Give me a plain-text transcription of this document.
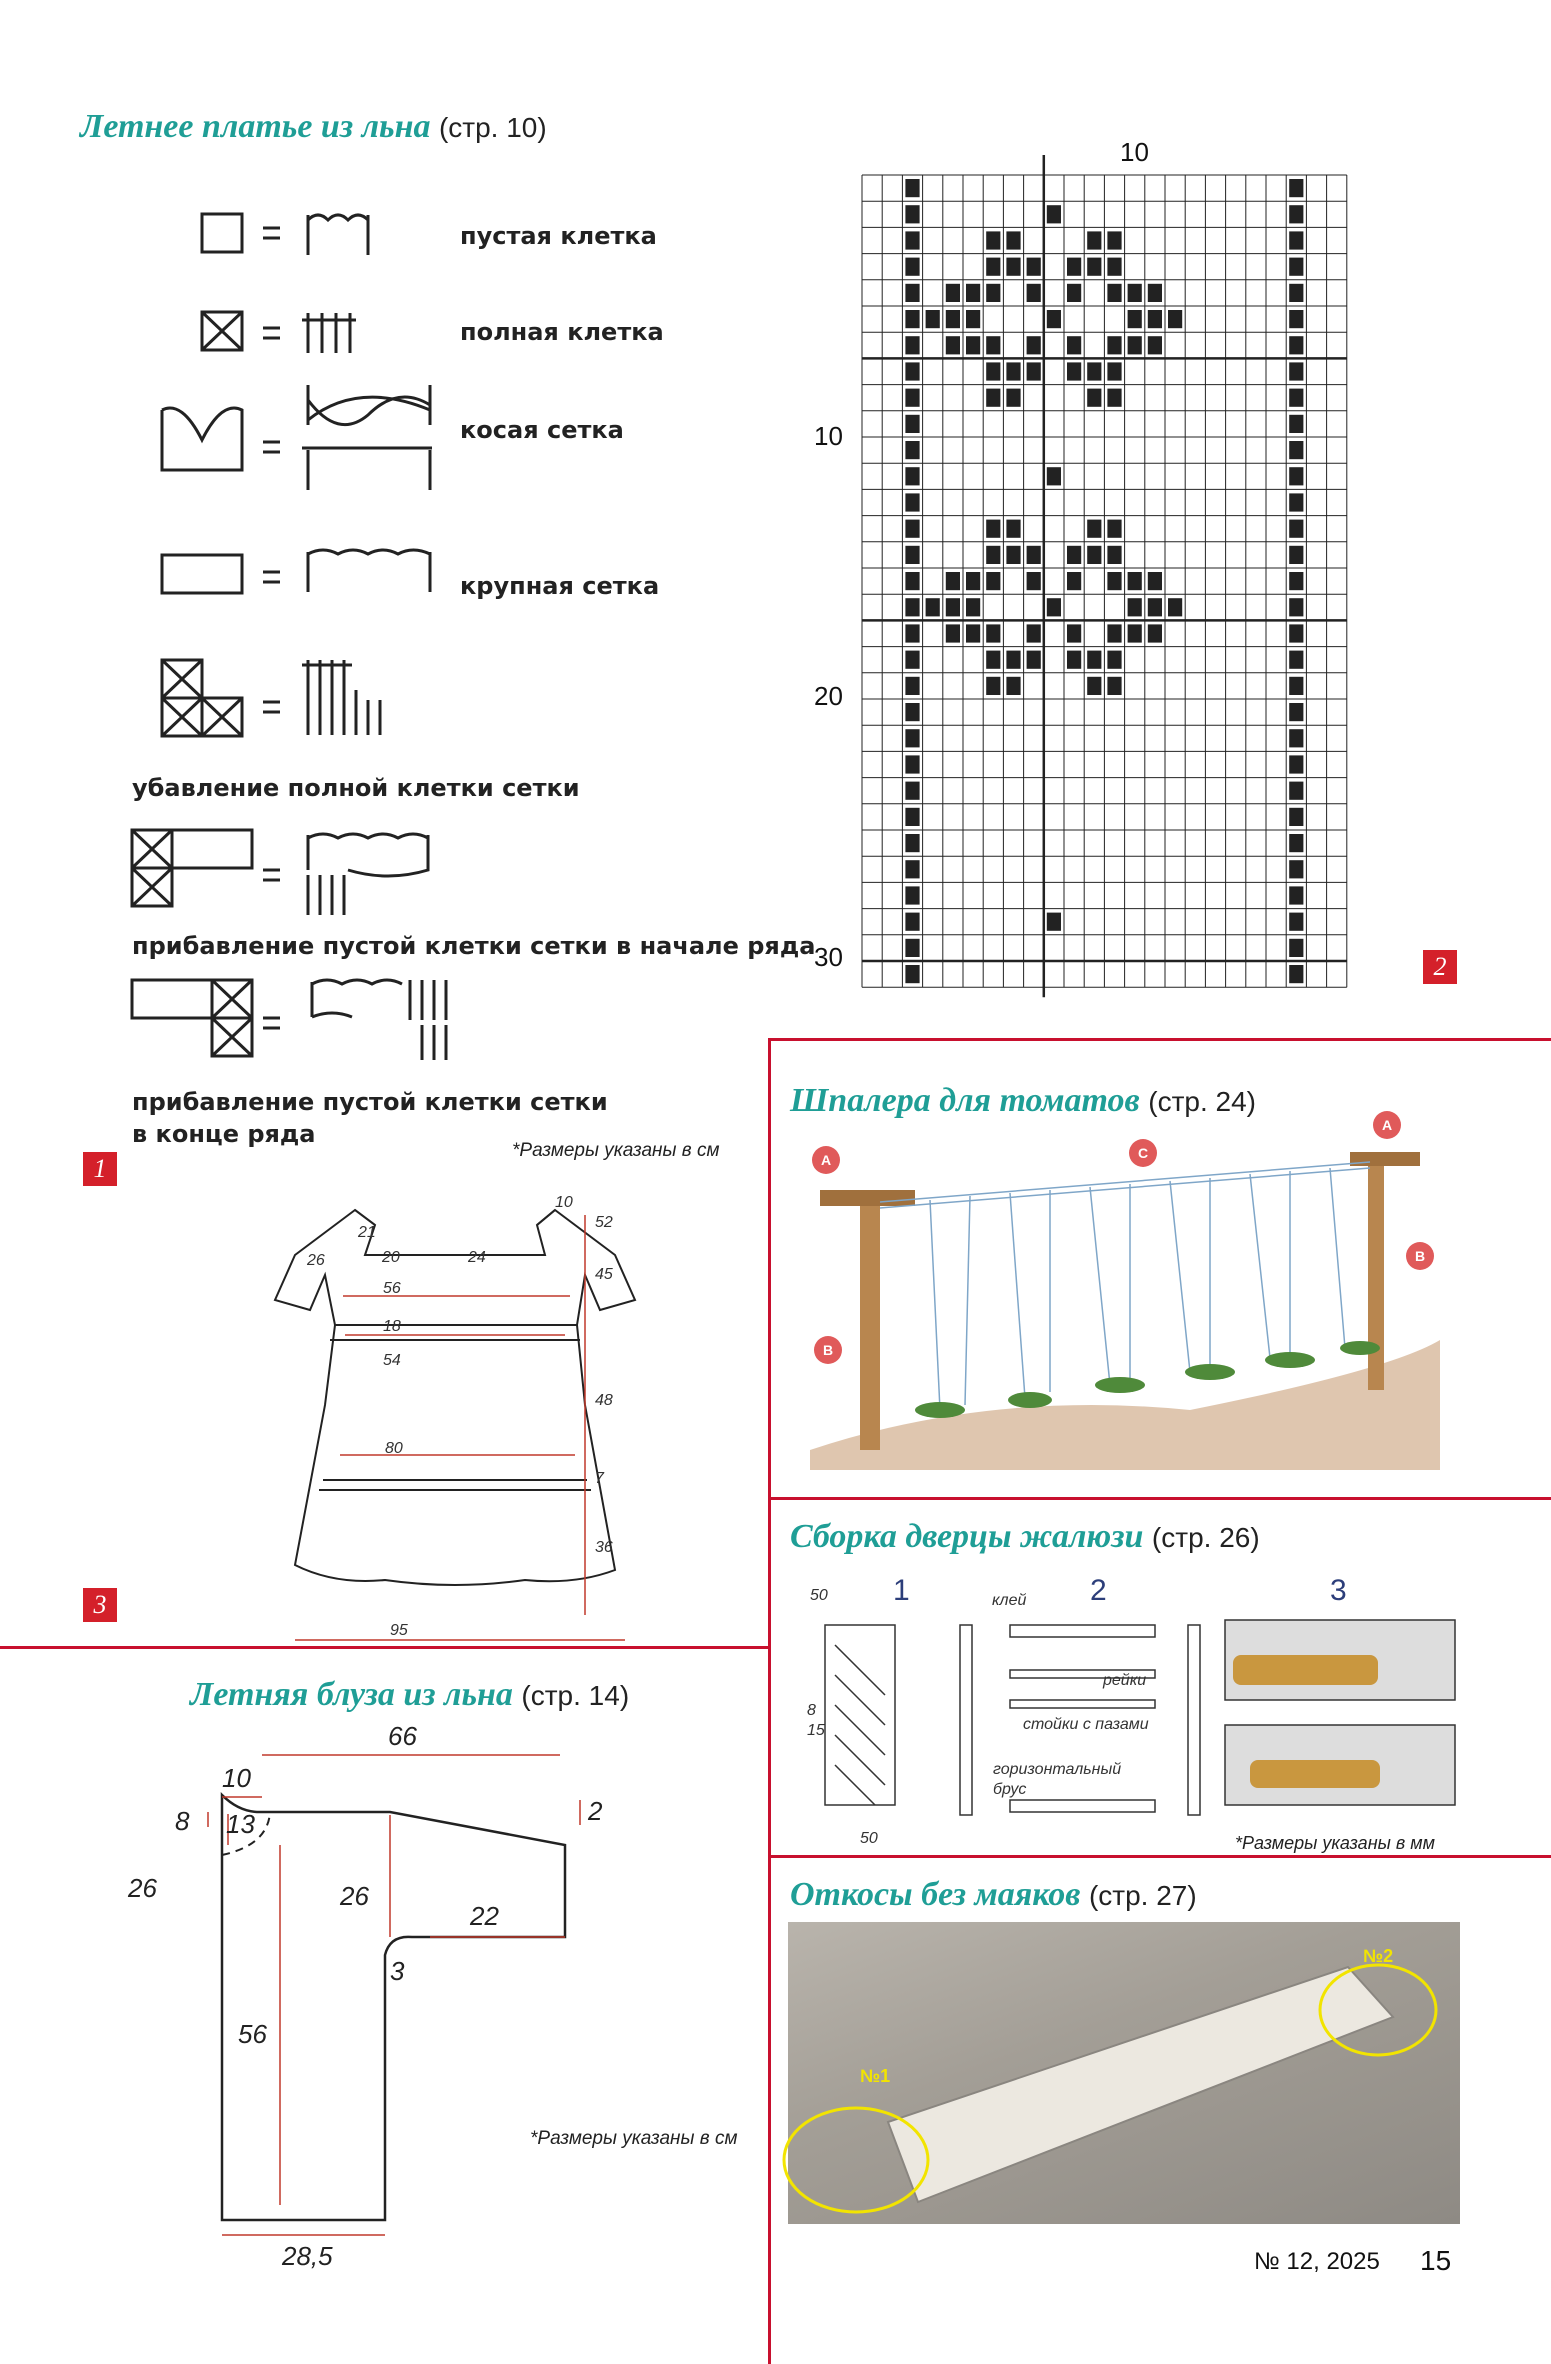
Летнее платье из льна (стр. 10)
пустая клетка
полная клетка
косая сетка
крупная сетка
убавление полной клетки сетки
прибавление пустой клетки сетки в начале ряда
прибавление пустой клетки сетки
в конце ряда
*Размеры указаны в см
1
10
10
20
30	2
10
52
21
20
26	24
56
18
54
45
48
80
7
36
95
3
Шпалера для томатов (стр. 24)
A
B
C
A
B
Сборка дверцы жалюзи (стр. 26)
50
8
15
50
1	2	3
клей
рейки
стойки с пазами
горизонтальный
брус
*Размеры указаны в мм
Откосы без маяков (стр. 27)
№1
№2
Летняя блуза из льна (стр. 14)
66
10
8 13
26
2
26
22
3
56
28,5
*Размеры указаны в см
№ 12, 2025 15
